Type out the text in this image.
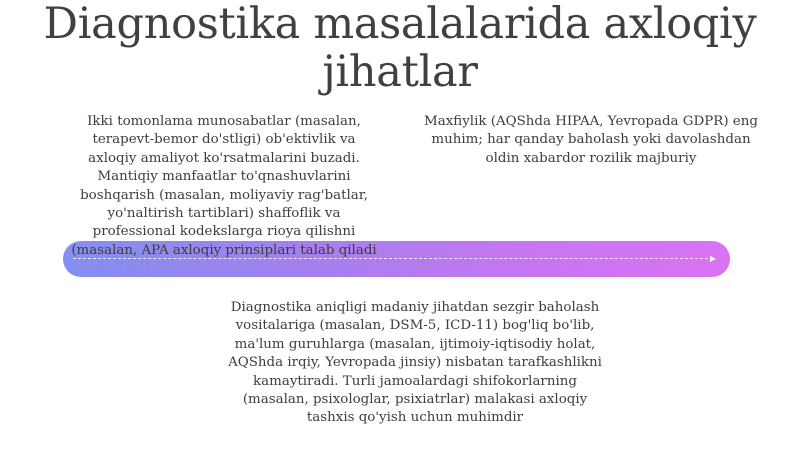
Diagnostika masalalarida axloqiy jihatlar
▸
Ikki tomonlama munosabatlar (masalan, terapevt-bemor do'stligi) ob'ektivlik va axloqiy amaliyot ko'rsatmalarini buzadi. Mantiqiy manfaatlar to'qnashuvlarini boshqarish (masalan, moliyaviy rag'batlar, yo'naltirish tartiblari) shaffoflik va professional kodekslarga rioya qilishni (masalan, APA axloqiy prinsiplari talab qiladi
Maxfiylik (AQShda HIPAA, Yevropada GDPR) eng muhim; har qanday baholash yoki davolashdan oldin xabardor rozilik majburiy
Diagnostika aniqligi madaniy jihatdan sezgir baholash vositalariga (masalan, DSM-5, ICD-11) bog'liq bo'lib, ma'lum guruhlarga (masalan, ijtimoiy-iqtisodiy holat, AQShda irqiy, Yevropada jinsiy) nisbatan tarafkashlikni kamaytiradi. Turli jamoalardagi shifokorlarning (masalan, psixologlar, psixiatrlar) malakasi axloqiy tashxis qo'yish uchun muhimdir
